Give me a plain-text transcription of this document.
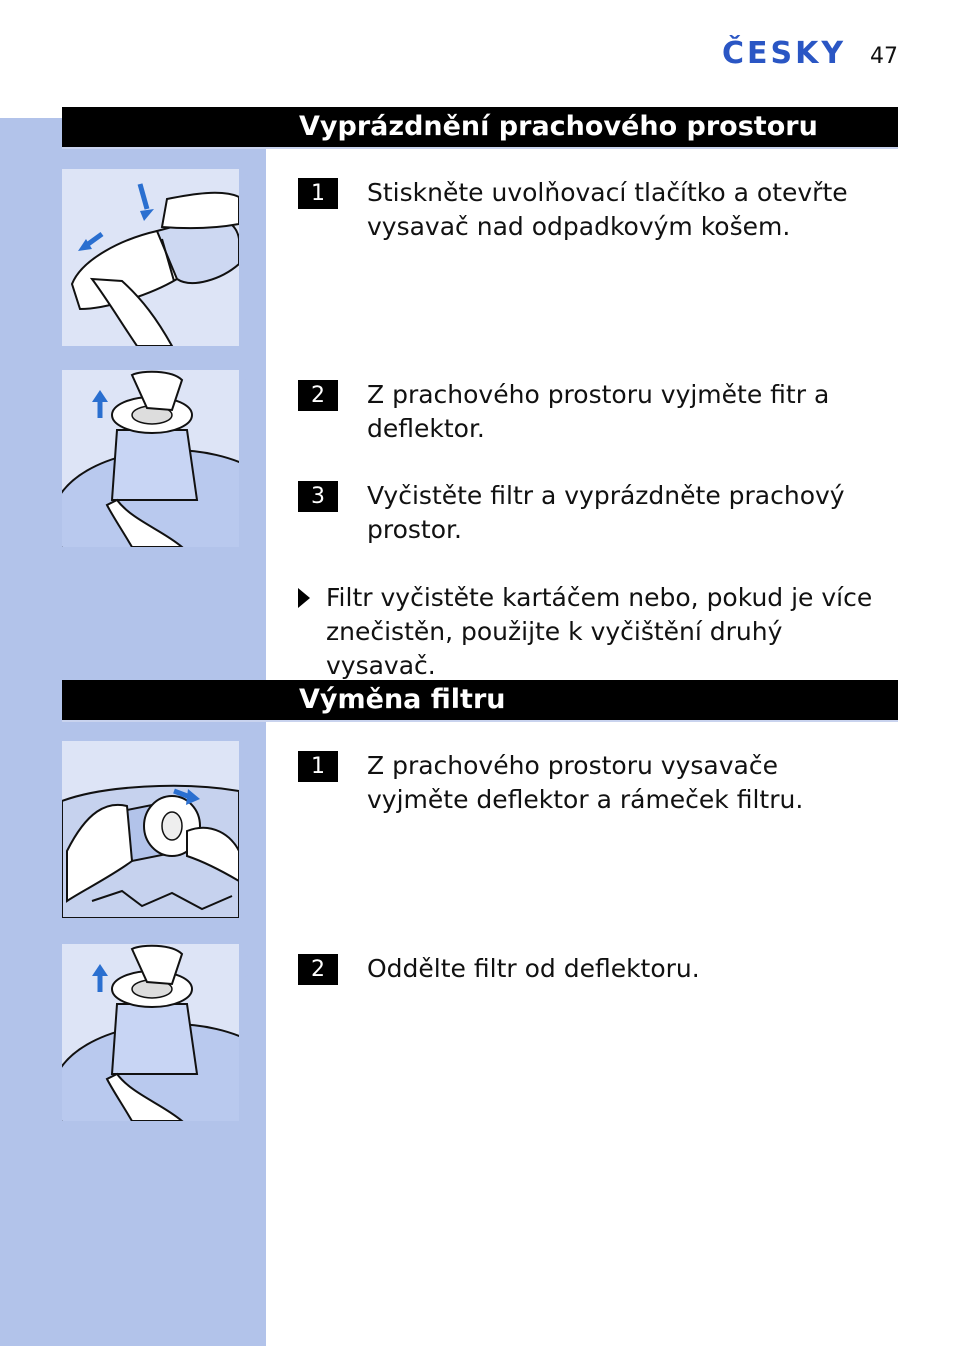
ČESKY 47
Vyprázdnění prachového prostoru
1	Stiskněte uvolňovací tlačítko a otevřte vysavač nad odpadkovým košem.
2	Z prachového prostoru vyjměte fitr a deflektor.
3	Vyčistěte filtr a vyprázdněte prachový prostor.
Filtr vyčistěte kartáčem nebo, pokud je více znečistěn, použijte k vyčištění druhý vysavač.
Výměna filtru
1	Z prachového prostoru vysavače vyjměte deflektor a rámeček filtru.
2	Oddělte filtr od deflektoru.
